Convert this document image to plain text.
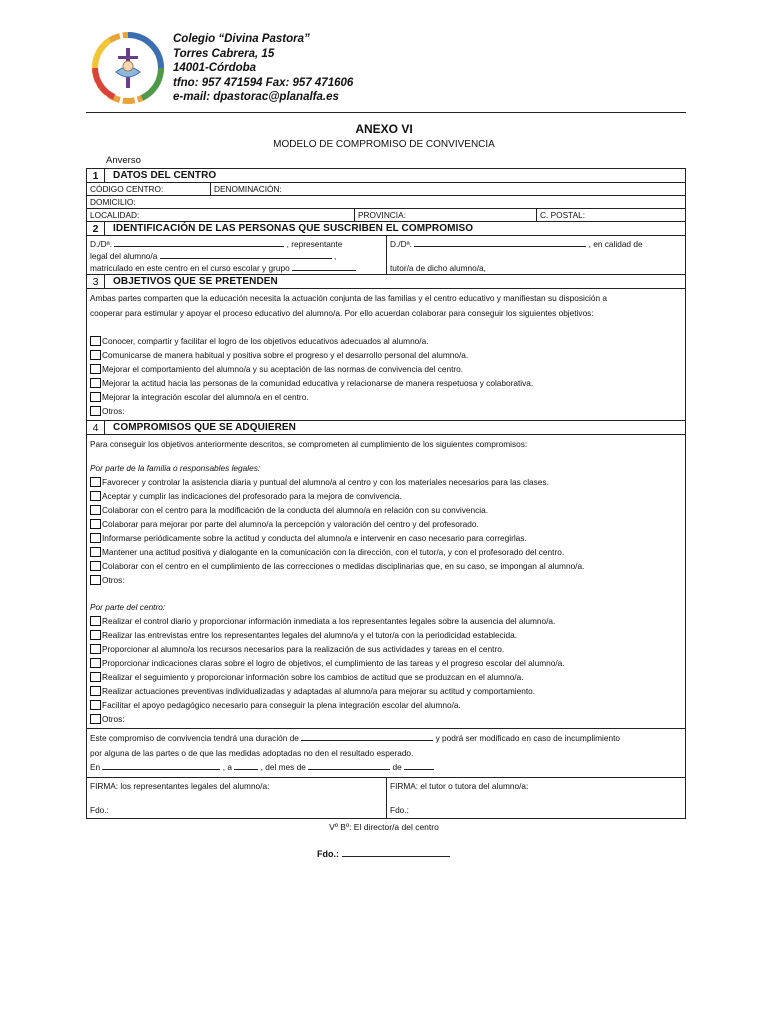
Colegio “Divina Pastora”
Torres Cabrera, 15
14001-Córdoba
tfno: 957 471594 Fax: 957 471606
e-mail: dpastorac@planalfa.es
ANEXO VI
MODELO DE COMPROMISO DE CONVIVENCIA
Anverso
1	DATOS DEL CENTRO
CÓDIGO CENTRO:	DENOMINACIÓN:
DOMICILIO:
LOCALIDAD:	PROVINCIA:	C. POSTAL:
2	IDENTIFICACIÓN DE LAS PERSONAS QUE SUSCRIBEN EL COMPROMISO
D./Dª.	, representante
legal del alumno/a	,
matriculado en este centro en el curso escolar y grupo
D./Dª.	, en calidad de

tutor/a de dicho alumno/a,
3	OBJETIVOS QUE SE PRETENDEN
Ambas partes comparten que la educación necesita la actuación conjunta de las familias y el centro educativo y manifiestan su disposición a
cooperar para estimular y apoyar el proceso educativo del alumno/a. Por ello acuerdan colaborar para conseguir los siguientes objetivos:
Conocer, compartir y facilitar el logro de los objetivos educativos adecuados al alumno/a.
Comunicarse de manera habitual y positiva sobre el progreso y el desarrollo personal del alumno/a.
Mejorar el comportamiento del alumno/a y su aceptación de las normas de convivencia del centro.
Mejorar la actitud hacia las personas de la comunidad educativa y relacionarse de manera respetuosa y colaborativa.
Mejorar la integración escolar del alumno/a en el centro.
Otros:
4	COMPROMISOS QUE SE ADQUIEREN
Para conseguir los objetivos anteriormente descritos, se comprometen al cumplimiento de los siguientes compromisos:
Por parte de la familia o responsables legales:
Favorecer y controlar la asistencia diaria y puntual del alumno/a al centro y con los materiales necesarios para las clases.
Aceptar y cumplir las indicaciones del profesorado para la mejora de convivencia.
Colaborar con el centro para la modificación de la conducta del alumno/a en relación con su convivencia.
Colaborar para mejorar por parte del alumno/a la percepción y valoración del centro y del profesorado.
Informarse periódicamente sobre la actitud y conducta del alumno/a e intervenir en caso necesario para corregirlas.
Mantener una actitud positiva y dialogante en la comunicación con la dirección, con el tutor/a, y con el profesorado del centro.
Colaborar con el centro en el cumplimiento de las correcciones o medidas disciplinarias que, en su caso, se impongan al alumno/a.
Otros:
Por parte del centro:
Realizar el control diario y proporcionar información inmediata a los representantes legales sobre la ausencia del alumno/a.
Realizar las entrevistas entre los representantes legales del alumno/a y el tutor/a con la periodicidad establecida.
Proporcionar al alumno/a los recursos necesarios para la realización de sus actividades y tareas en el centro.
Proporcionar indicaciones claras sobre el logro de objetivos, el cumplimiento de las tareas y el progreso escolar del alumno/a.
Realizar el seguimiento y proporcionar información sobre los cambios de actitud que se produzcan en el alumno/a.
Realizar actuaciones preventivas individualizadas y adaptadas al alumno/a para mejorar su actitud y comportamiento.
Facilitar el apoyo pedagógico necesario para conseguir la plena integración escolar del alumno/a.
Otros:
Este compromiso de convivencia tendrá una duración de	y podrá ser modificado en caso de incumplimiento
por alguna de las partes o de que las medidas adoptadas no den el resultado esperado.
En	, a	, del mes de	de
FIRMA: los representantes legales del alumno/a:
Fdo.:
FIRMA: el tutor o tutora del alumno/a:
Fdo.:
Vº Bº: El director/a del centro
Fdo.:
